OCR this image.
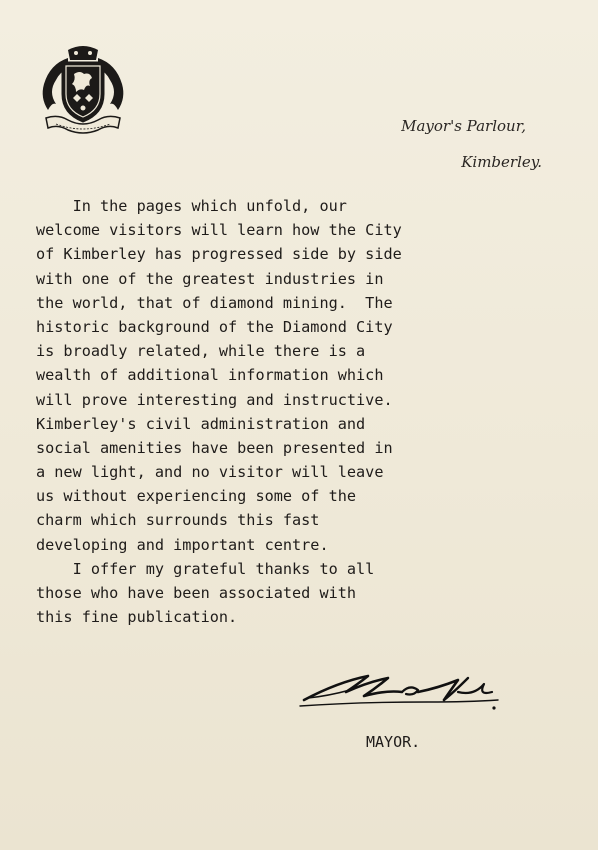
Mayor's Parlour,
Kimberley.
In the pages which unfold, our
welcome visitors will learn how the City
of Kimberley has progressed side by side
with one of the greatest industries in
the world, that of diamond mining.  The
historic background of the Diamond City
is broadly related, while there is a
wealth of additional information which
will prove interesting and instructive.
Kimberley's civil administration and
social amenities have been presented in
a new light, and no visitor will leave
us without experiencing some of the
charm which surrounds this fast
developing and important centre.
I offer my grateful thanks to all
those who have been associated with
this fine publication.
MAYOR.
